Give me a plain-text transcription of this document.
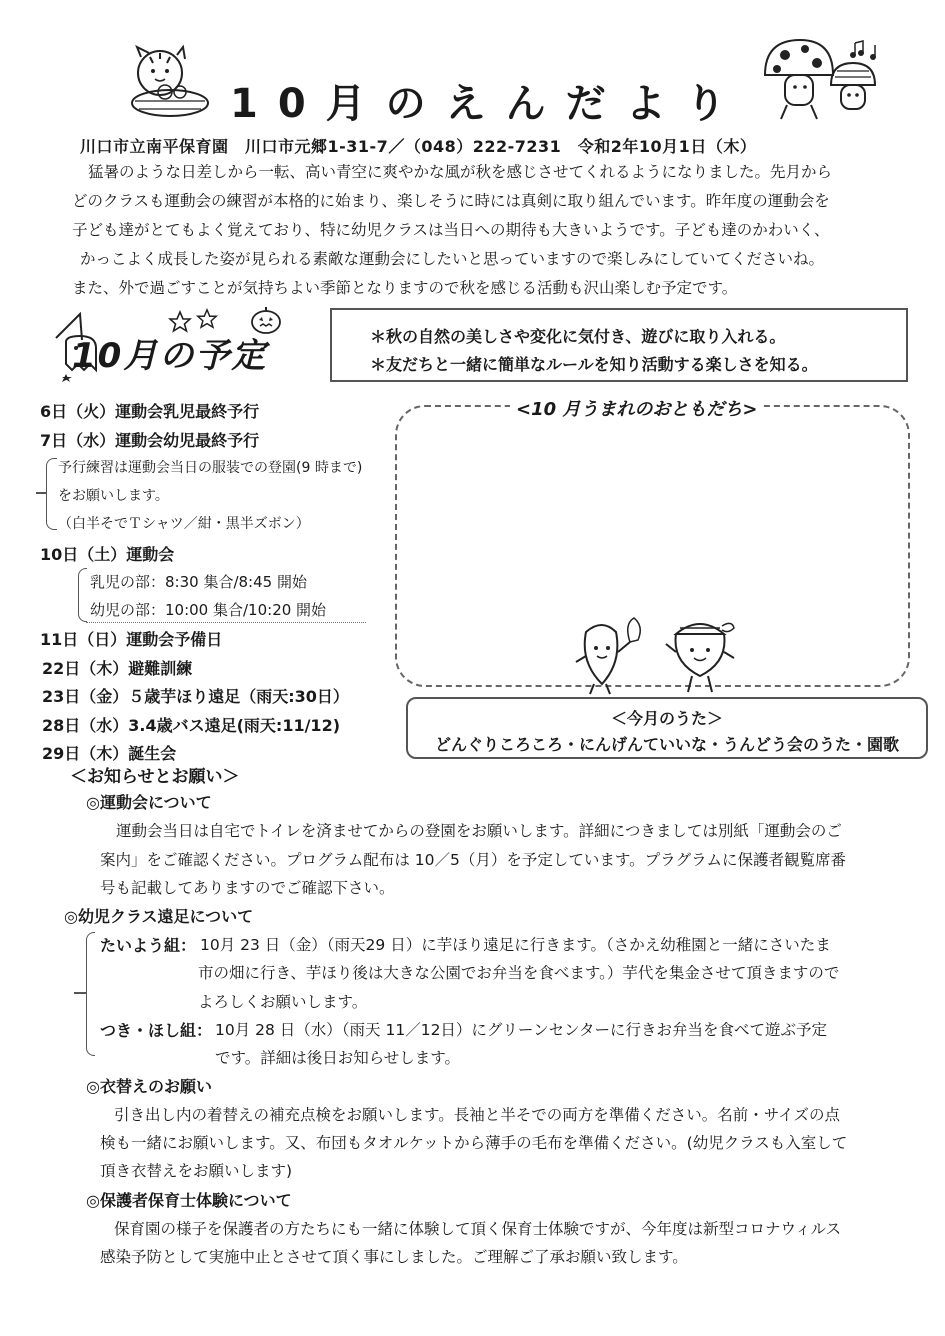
10月のえんだより
川口市立南平保育園　川口市元郷1-31-7／（048）222-7231　令和2年10月1日（木）

猛暑のような日差しから一転、高い青空に爽やかな風が秋を感じさせてくれるようになりました。先月から

どのクラスも運動会の練習が本格的に始まり、楽しそうに時には真剣に取り組んでいます。昨年度の運動会を

子ども達がとてもよく覚えており、特に幼児クラスは当日への期待も大きいようです。子ども達のかわいく、

かっこよく成長した姿が見られる素敵な運動会にしたいと思っていますので楽しみにしていてくださいね。

また、外で過ごすことが気持ちよい季節となりますので秋を感じる活動も沢山楽しむ予定です。

10月の予定	＊秋の自然の美しさや変化に気付き、遊びに取り入れる。
＊友だちと一緒に簡単なルールを知り活動する楽しさを知る。
6日（火）運動会乳児最終予行
7日（水）運動会幼児最終予行
予行練習は運動会当日の服装での登園(9 時まで)
をお願いします。
（白半そでＴシャツ／紺・黒半ズボン）
10日（土）運動会
乳児の部：8:30 集合/8:45 開始
幼児の部：10:00 集合/10:20 開始
11日（日）運動会予備日
22日（木）避難訓練
23日（金）５歳芋ほり遠足（雨天:30日）
28日（水）3.4歳バス遠足(雨天:11/12)
29日（木）誕生会
<10 月うまれのおともだち>
＜今月のうた＞
どんぐりころころ・にんげんていいな・うんどう会のうた・園歌
＜お知らせとお願い＞
◎運動会について
運動会当日は自宅でトイレを済ませてからの登園をお願いします。詳細につきましては別紙「運動会のご
案内」をご確認ください。プログラム配布は 10／5（月）を予定しています。プラグラムに保護者観覧席番
号も記載してありますのでご確認下さい。
◎幼児クラス遠足について
たいよう組： 10月 23 日（金）（雨天29 日）に芋ほり遠足に行きます。（さかえ幼稚園と一緒にさいたま
市の畑に行き、芋ほり後は大きな公園でお弁当を食べます。）芋代を集金させて頂きますので
よろしくお願いします。
つき・ほし組： 10月 28 日（水）（雨天 11／12日）にグリーンセンターに行きお弁当を食べて遊ぶ予定
です。詳細は後日お知らせします。
◎衣替えのお願い
引き出し内の着替えの補充点検をお願いします。長袖と半そでの両方を準備ください。名前・サイズの点
検も一緒にお願いします。又、布団もタオルケットから薄手の毛布を準備ください。(幼児クラスも入室して
頂き衣替えをお願いします)
◎保護者保育士体験について
保育園の様子を保護者の方たちにも一緒に体験して頂く保育士体験ですが、今年度は新型コロナウィルス
感染予防として実施中止とさせて頂く事にしました。ご理解ご了承お願い致します。
